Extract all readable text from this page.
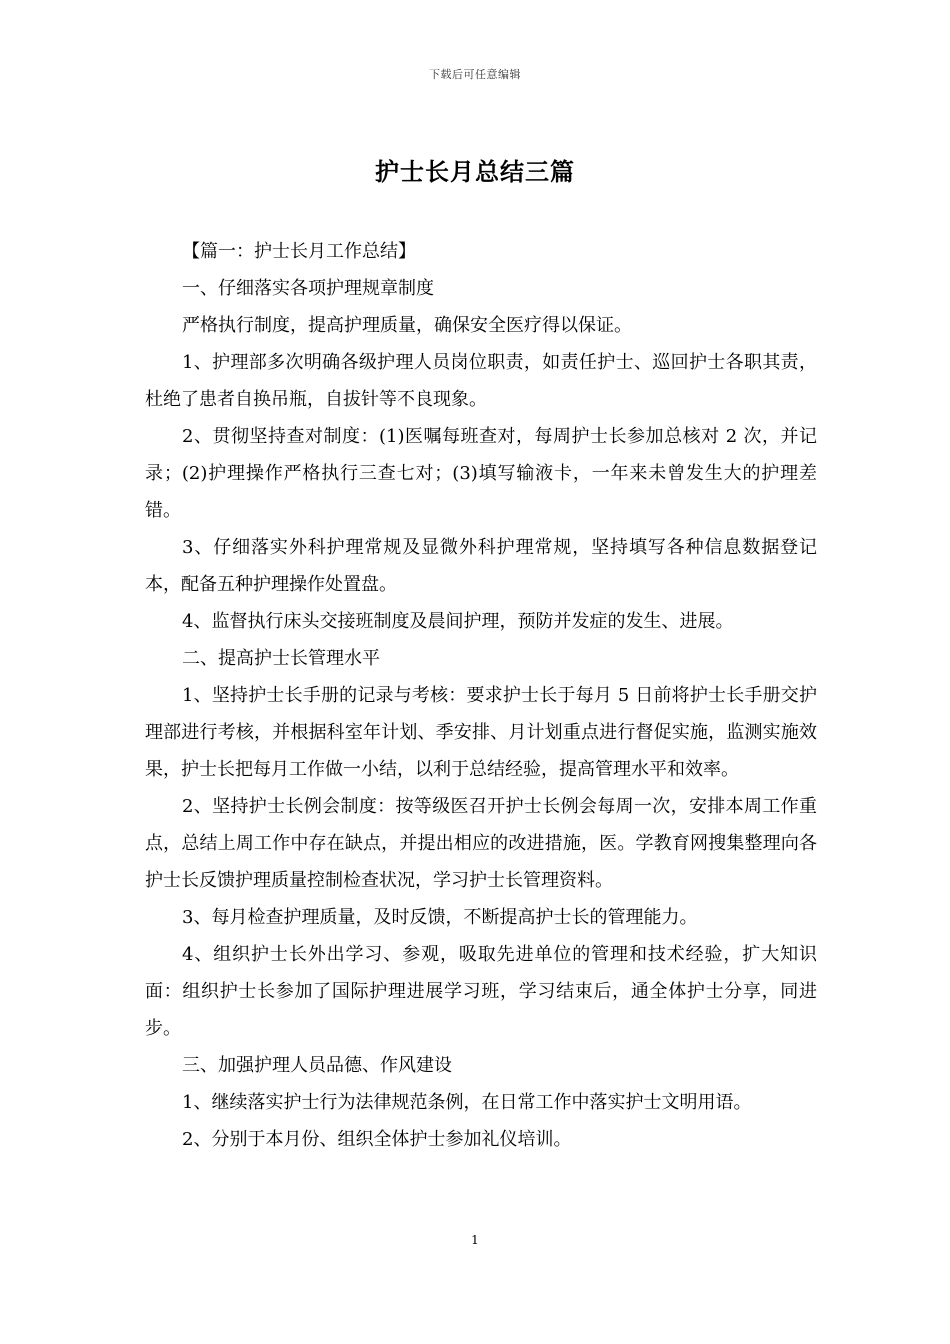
下载后可任意编辑
护士长月总结三篇

【篇一：护士长月工作总结】

一、仔细落实各项护理规章制度

严格执行制度，提高护理质量，确保安全医疗得以保证。

1、护理部多次明确各级护理人员岗位职责，如责任护士、巡回护士各职其责，杜绝了患者自换吊瓶，自拔针等不良现象。

2、贯彻坚持查对制度：(1)医嘱每班查对，每周护士长参加总核对 2 次，并记录；(2)护理操作严格执行三查七对；(3)填写输液卡，一年来未曾发生大的护理差错。

3、仔细落实外科护理常规及显微外科护理常规，坚持填写各种信息数据登记本，配备五种护理操作处置盘。

4、监督执行床头交接班制度及晨间护理，预防并发症的发生、进展。

二、提高护士长管理水平

1、坚持护士长手册的记录与考核：要求护士长于每月 5 日前将护士长手册交护理部进行考核，并根据科室年计划、季安排、月计划重点进行督促实施，监测实施效果，护士长把每月工作做一小结，以利于总结经验，提高管理水平和效率。

2、坚持护士长例会制度：按等级医召开护士长例会每周一次，安排本周工作重点，总结上周工作中存在缺点，并提出相应的改进措施，医。学教育网搜集整理向各护士长反馈护理质量控制检查状况，学习护士长管理资料。

3、每月检查护理质量，及时反馈，不断提高护士长的管理能力。

4、组织护士长外出学习、参观，吸取先进单位的管理和技术经验，扩大知识面：组织护士长参加了国际护理进展学习班，学习结束后，通全体护士分享，同进步。

三、加强护理人员品德、作风建设

1、继续落实护士行为法律规范条例，在日常工作中落实护士文明用语。

2、分别于本月份、组织全体护士参加礼仪培训。

1
